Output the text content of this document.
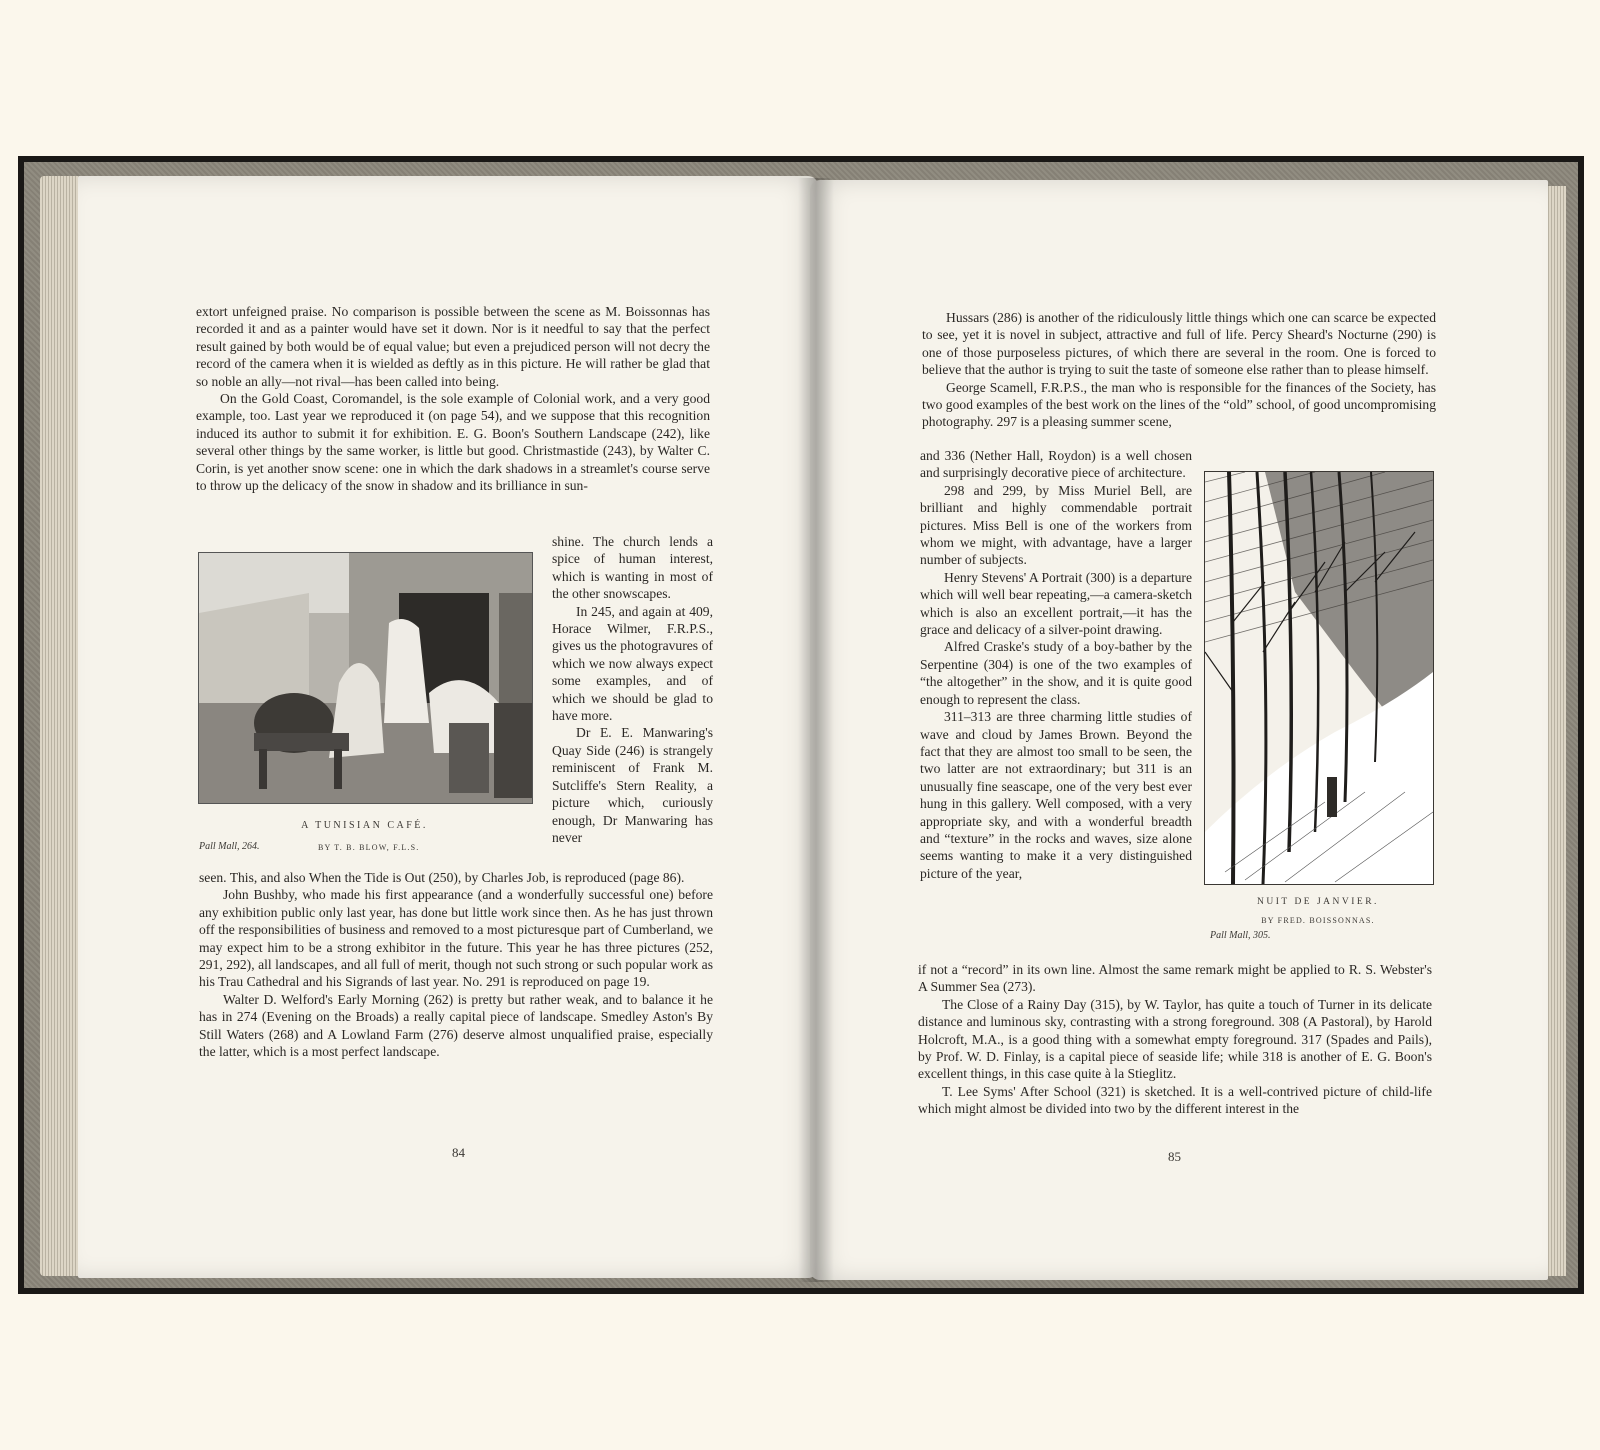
extort unfeigned praise. No comparison is possible between the scene as M. Boissonnas has recorded it and as a painter would have set it down. Nor is it needful to say that the perfect result gained by both would be of equal value; but even a prejudiced person will not decry the record of the camera when it is wielded as deftly as in this picture. He will rather be glad that so noble an ally—not rival—has been called into being.

On the Gold Coast, Coromandel, is the sole example of Colonial work, and a very good example, too. Last year we reproduced it (on page 54), and we suppose that this recognition induced its author to submit it for exhibition. E. G. Boon's Southern Landscape (242), like several other things by the same worker, is little but good. Christmastide (243), by Walter C. Corin, is yet another snow scene: one in which the dark shadows in a streamlet's course serve to throw up the delicacy of the snow in shadow and its brilliance in sun-

A TUNISIAN CAFÉ.
Pall Mall, 264.	BY T. B. BLOW, F.L.S.

shine. The church lends a spice of human interest, which is wanting in most of the other snowscapes.

In 245, and again at 409, Horace Wilmer, F.R.P.S., gives us the photogravures of which we now always expect some examples, and of which we should be glad to have more.

Dr E. E. Manwaring's Quay Side (246) is strangely reminiscent of Frank M. Sutcliffe's Stern Reality, a picture which, curiously enough, Dr Manwaring has never

seen. This, and also When the Tide is Out (250), by Charles Job, is reproduced (page 86).

John Bushby, who made his first appearance (and a wonderfully successful one) before any exhibition public only last year, has done but little work since then. As he has just thrown off the responsibilities of business and removed to a most picturesque part of Cumberland, we may expect him to be a strong exhibitor in the future. This year he has three pictures (252, 291, 292), all landscapes, and all full of merit, though not such strong or such popular work as his Trau Cathedral and his Sigrands of last year. No. 291 is reproduced on page 19.

Walter D. Welford's Early Morning (262) is pretty but rather weak, and to balance it he has in 274 (Evening on the Broads) a really capital piece of landscape. Smedley Aston's By Still Waters (268) and A Lowland Farm (276) deserve almost unqualified praise, especially the latter, which is a most perfect landscape.

84

Hussars (286) is another of the ridiculously little things which one can scarce be expected to see, yet it is novel in subject, attractive and full of life. Percy Sheard's Nocturne (290) is one of those purposeless pictures, of which there are several in the room. One is forced to believe that the author is trying to suit the taste of someone else rather than to please himself.

George Scamell, F.R.P.S., the man who is responsible for the finances of the Society, has two good examples of the best work on the lines of the “old” school, of good uncompromising photography. 297 is a pleasing summer scene,

and 336 (Nether Hall, Roydon) is a well chosen and surprisingly decorative piece of architecture.

298 and 299, by Miss Muriel Bell, are brilliant and highly commendable portrait pictures. Miss Bell is one of the workers from whom we might, with advantage, have a larger number of subjects.

Henry Stevens' A Portrait (300) is a departure which will well bear repeating,—a camera-sketch which is also an excellent portrait,—it has the grace and delicacy of a silver-point drawing.

Alfred Craske's study of a boy-bather by the Serpentine (304) is one of the two examples of “the altogether” in the show, and it is quite good enough to represent the class.

311–313 are three charming little studies of wave and cloud by James Brown. Beyond the fact that they are almost too small to be seen, the two latter are not extraordinary; but 311 is an unusually fine seascape, one of the very best ever hung in this gallery. Well composed, with a very appropriate sky, and with a wonderful breadth and “texture” in the rocks and waves, size alone seems wanting to make it a very distinguished picture of the year,

NUIT DE JANVIER.
BY FRED. BOISSONNAS.
Pall Mall, 305.

if not a “record” in its own line. Almost the same remark might be applied to R. S. Webster's A Summer Sea (273).

The Close of a Rainy Day (315), by W. Taylor, has quite a touch of Turner in its delicate distance and luminous sky, contrasting with a strong foreground. 308 (A Pastoral), by Harold Holcroft, M.A., is a good thing with a somewhat empty foreground. 317 (Spades and Pails), by Prof. W. D. Finlay, is a capital piece of seaside life; while 318 is another of E. G. Boon's excellent things, in this case quite à la Stieglitz.

T. Lee Syms' After School (321) is sketched. It is a well-contrived picture of child-life which might almost be divided into two by the different interest in the

85
